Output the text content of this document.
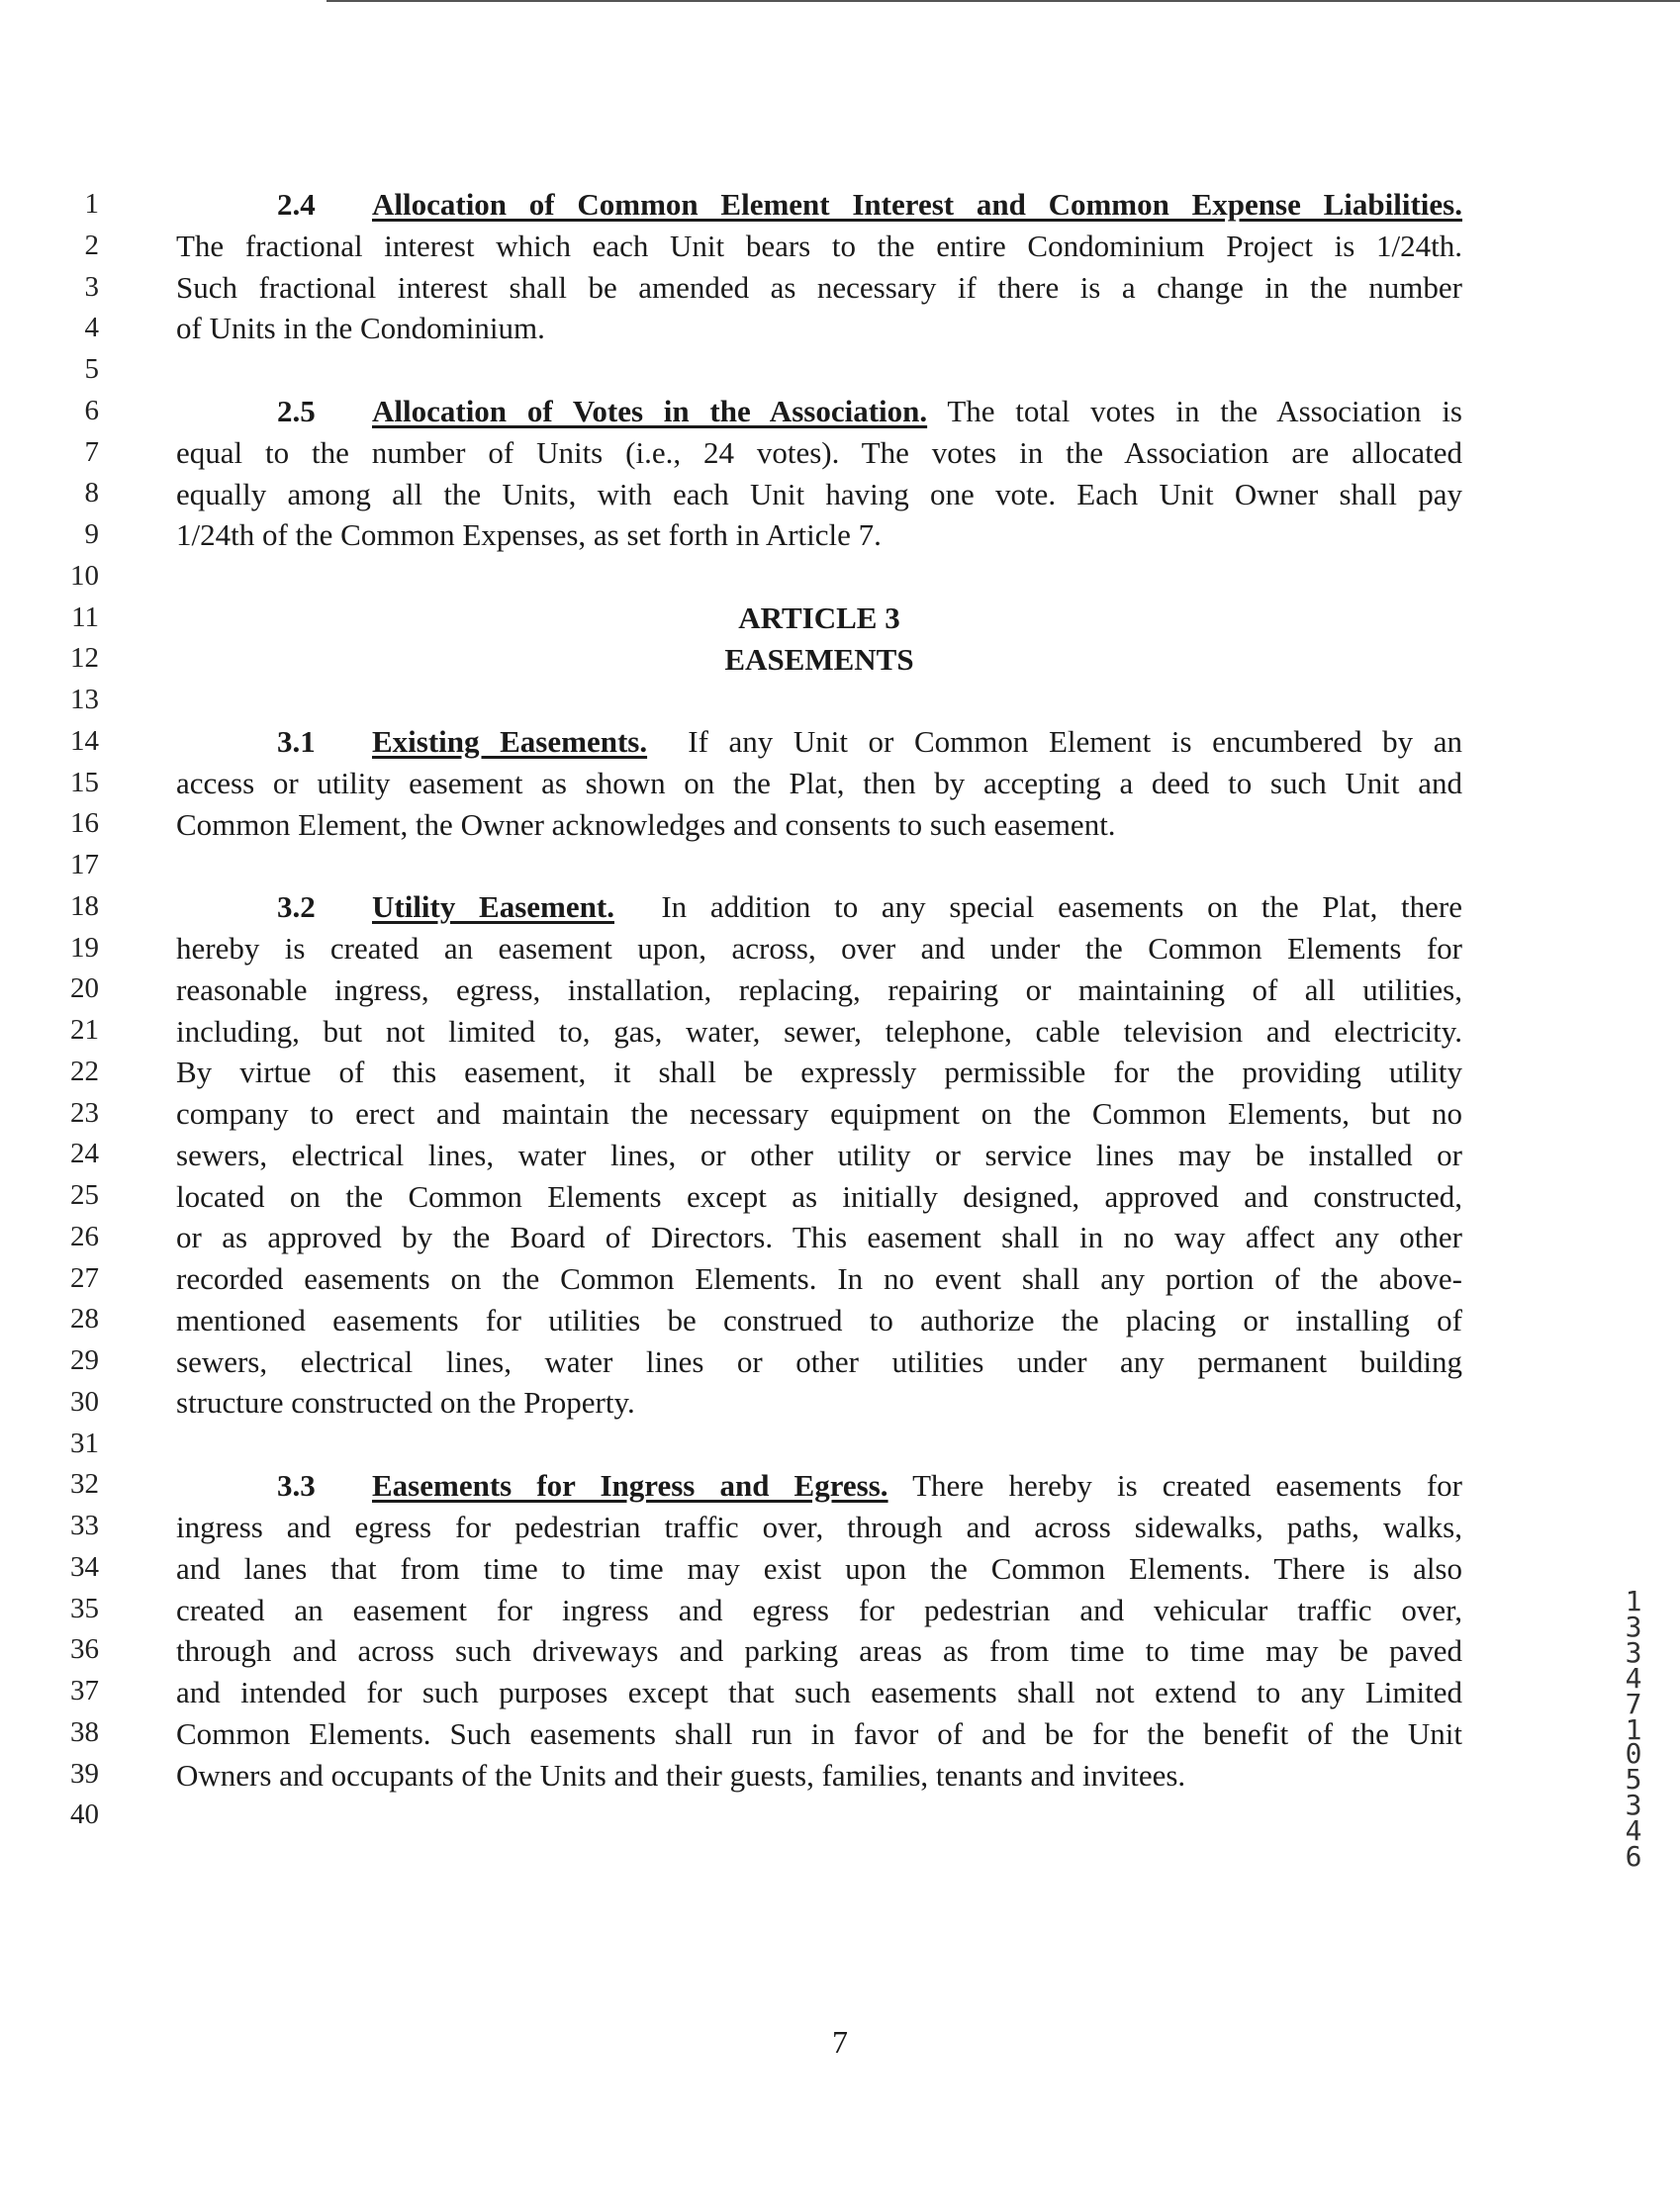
1
2
3
4
5
6
7
8
9
10
11
12
13
14
15
16
17
18
19
20
21
22
23
24
25
26
27
28
29
30
31
32
33
34
35
36
37
38
39
40
2.4 Allocation of Common Element Interest and Common Expense Liabilities.
The fractional interest which each Unit bears to the entire Condominium Project is 1/24th.
Such fractional interest shall be amended as necessary if there is a change in the number
of Units in the Condominium.
2.5 Allocation of Votes in the Association. The total votes in the Association is
equal to the number of Units (i.e., 24 votes). The votes in the Association are allocated
equally among all the Units, with each Unit having one vote. Each Unit Owner shall pay
1/24th of the Common Expenses, as set forth in Article 7.
ARTICLE 3
EASEMENTS
3.1 Existing Easements. If any Unit or Common Element is encumbered by an
access or utility easement as shown on the Plat, then by accepting a deed to such Unit and
Common Element, the Owner acknowledges and consents to such easement.
3.2 Utility Easement. In addition to any special easements on the Plat, there
hereby is created an easement upon, across, over and under the Common Elements for
reasonable ingress, egress, installation, replacing, repairing or maintaining of all utilities,
including, but not limited to, gas, water, sewer, telephone, cable television and electricity.
By virtue of this easement, it shall be expressly permissible for the providing utility
company to erect and maintain the necessary equipment on the Common Elements, but no
sewers, electrical lines, water lines, or other utility or service lines may be installed or
located on the Common Elements except as initially designed, approved and constructed,
or as approved by the Board of Directors. This easement shall in no way affect any other
recorded easements on the Common Elements. In no event shall any portion of the above-
mentioned easements for utilities be construed to authorize the placing or installing of
sewers, electrical lines, water lines or other utilities under any permanent building
structure constructed on the Property.
3.3 Easements for Ingress and Egress. There hereby is created easements for
ingress and egress for pedestrian traffic over, through and across sidewalks, paths, walks,
and lanes that from time to time may exist upon the Common Elements. There is also
created an easement for ingress and egress for pedestrian and vehicular traffic over,
through and across such driveways and parking areas as from time to time may be paved
and intended for such purposes except that such easements shall not extend to any Limited
Common Elements. Such easements shall run in favor of and be for the benefit of the Unit
Owners and occupants of the Units and their guests, families, tenants and invitees.
7
1
3
3
4
7
1
0
5
3
4
6
